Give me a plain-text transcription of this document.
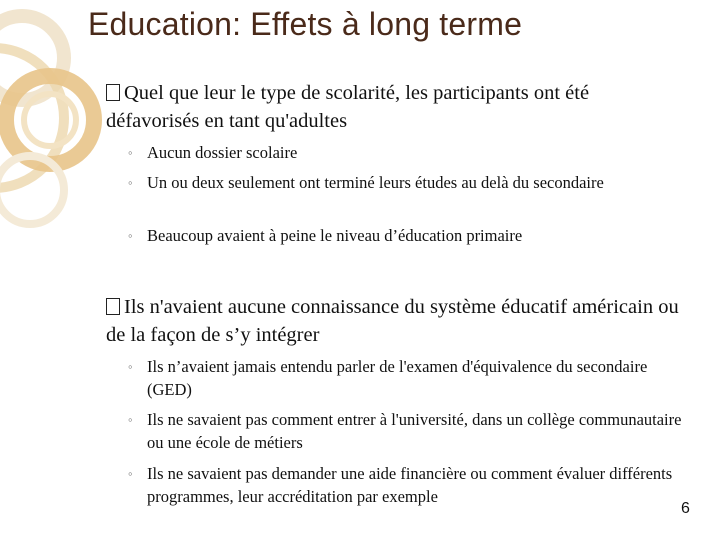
Education: Effets à long terme
Quel que leur le type de scolarité, les participants ont été défavorisés en tant qu'adultes
◦ Aucun dossier scolaire
◦ Un ou deux seulement ont terminé leurs études au delà du secondaire
◦ Beaucoup avaient à peine le niveau d’éducation primaire
Ils n'avaient aucune connaissance du système éducatif américain ou de la façon de s’y intégrer
◦ Ils n’avaient jamais entendu parler de l'examen d'équivalence du secondaire (GED)
◦ Ils ne savaient pas comment entrer à l'université, dans un collège communautaire ou une école de métiers
◦ Ils ne savaient pas demander une aide financière ou comment évaluer différents programmes, leur accréditation par exemple
6
